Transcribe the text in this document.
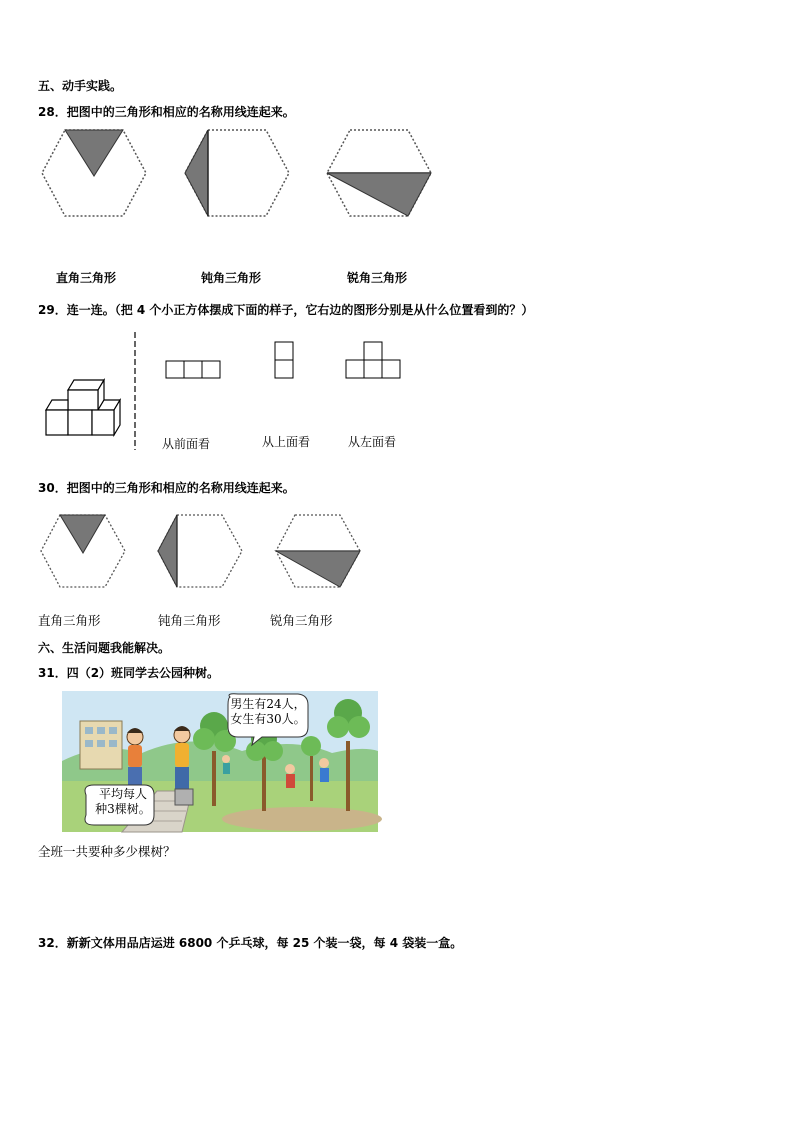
五、动手实践。
28．把图中的三角形和相应的名称用线连起来。
直角三角形	钝角三角形	锐角三角形
29．连一连。（把 4 个小正方体摆成下面的样子，它右边的图形分别是从什么位置看到的？）
从前面看	从上面看	从左面看
30．把图中的三角形和相应的名称用线连起来。
直角三角形	钝角三角形	锐角三角形
六、生活问题我能解决。
31．四（2）班同学去公园种树。
男生有24人，
女生有30人。
平均每人
种3棵树。
全班一共要种多少棵树？
32．新新文体用品店运进 6800 个乒乓球，每 25 个装一袋，每 4 袋装一盒。
